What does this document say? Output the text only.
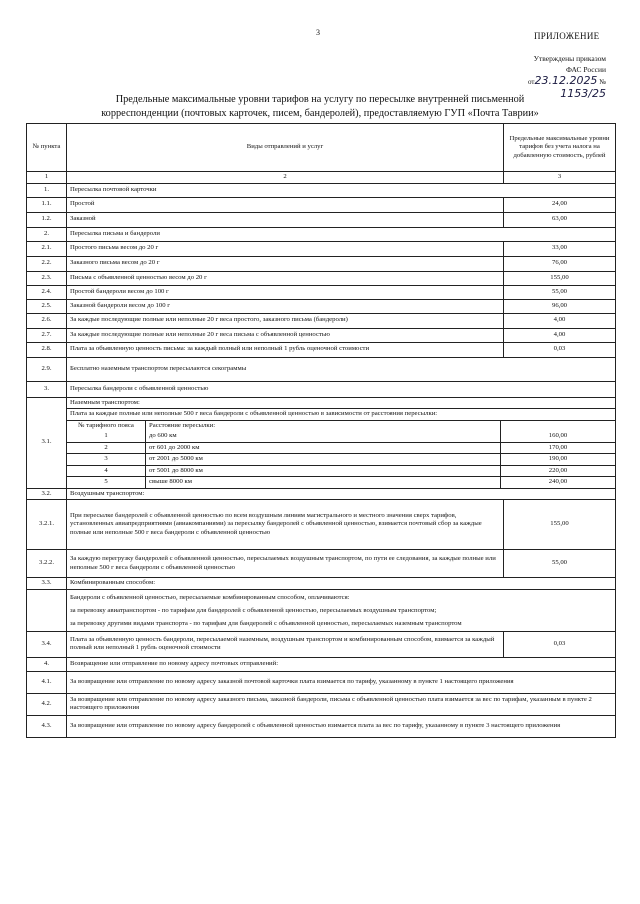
3	ПРИЛОЖЕНИЕ
Утверждены приказом
ФАС России
от23.12.2025 № 1153/25
Предельные максимальные уровни тарифов на услугу по пересылке внутренней письменной корреспонденции (почтовых карточек, писем, бандеролей), предоставляемую ГУП «Почта Таврии»
№ пункта	Виды отправлений и услуг	Предельные максимальные уровни тарифов без учета налога на добавленную стоимость, рублей
1	2	3
1.	Пересылка почтовой карточки
1.1.	Простой	24,00
1.2.	Заказной	63,00
2.	Пересылка письма и бандероли
2.1.	Простого письма весом до 20 г	33,00
2.2.	Заказного письма весом до 20 г	76,00
2.3.	Письма с объявленной ценностью весом до 20 г	155,00
2.4.	Простой бандероли весом до 100 г	55,00
2.5.	Заказной бандероли весом до 100 г	96,00
2.6.	За каждые последующие полные или неполные 20 г веса простого, заказного письма (бандероли)	4,00
2.7.	За каждые последующие полные или неполные 20 г веса письма с объявленной ценностью	4,00
2.8.	Плата за объявленную ценность письма: за каждый полный или неполный 1 рубль оценочной стоимости	0,03
2.9.	Бесплатно наземным транспортом пересылаются секограммы
3.	Пересылка бандероли с объявленной ценностью
3.1.	
Наземным транспортом:
Плата за каждые полные или неполные 500 г веса бандероли с объявленной ценностью в зависимости от расстояния пересылки:
№ тарифного пояса	Расстояние пересылки:	
1	до 600 км	160,00
2	от 601 до 2000 км	170,00
3	от 2001 до 5000 км	190,00
4	от 5001 до 8000 км	220,00
5	свыше 8000 км	240,00

3.2.	Воздушным транспортом:
3.2.1.	При пересылке бандеролей с объявленной ценностью по всем воздушным линиям магистрального и местного значения сверх тарифов, установленных авиапредприятиями (авиакомпаниями) за пересылку бандеролей с объявленной ценностью, взимается почтовый сбор за каждые полные или неполные 500 г веса бандероли с объявленной ценностью	155,00
3.2.2.	За каждую перегрузку бандеролей с объявленной ценностью, пересылаемых воздушным транспортом, по пути ее следования, за каждые полные или неполные 500 г веса бандероли с объявленной ценностью	55,00
3.3.	Комбинированным способом:

Бандероли с объявленной ценностью, пересылаемые комбинированным способом, оплачиваются:
за перевозку авиатранспортом - по тарифам для бандеролей с объявленной ценностью, пересылаемых воздушным транспортом;
за перевозку другими видами транспорта - по тарифам для бандеролей с объявленной ценностью, пересылаемых наземным транспортом

3.4.	Плата за объявленную ценность бандероли, пересылаемой наземным, воздушным транспортом и комбинированным способом, взимается за каждый полный или неполный 1 рубль оценочной стоимости	0,03
4.	Возвращение или отправление по новому адресу почтовых отправлений:
4.1.	За возвращение или отправление по новому адресу заказной почтовой карточки плата взимается по тарифу, указанному в пункте 1 настоящего приложения
4.2.	За возвращение или отправление по новому адресу заказного письма, заказной бандероли, письма с объявленной ценностью плата взимается за вес по тарифам, указанным в пункте 2 настоящего приложения
4.3.	За возвращение или отправление по новому адресу бандеролей с объявленной ценностью взимается плата за вес по тарифу, указанному в пункте 3 настоящего приложения
